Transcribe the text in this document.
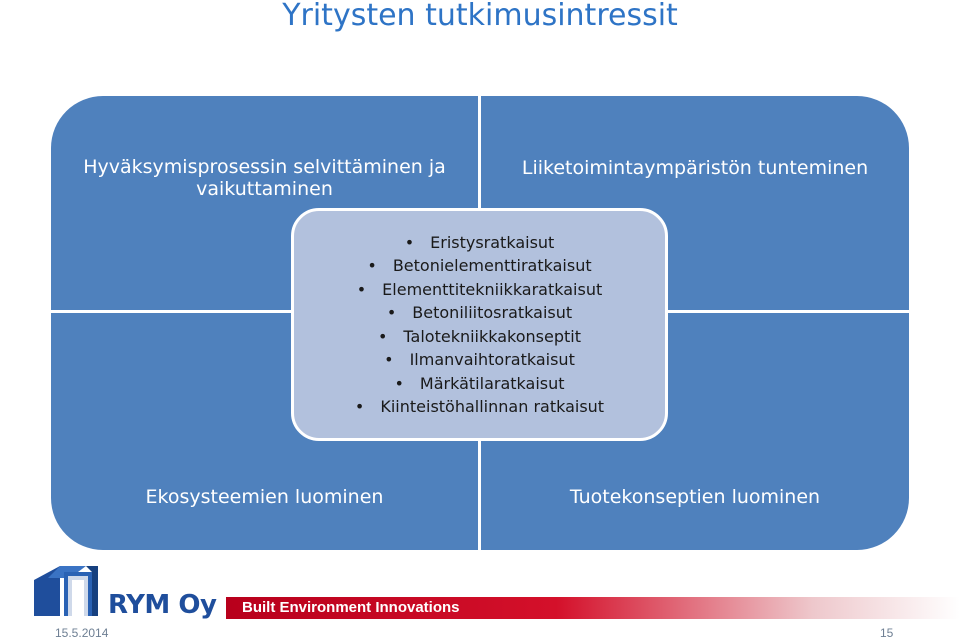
Yritysten tutkimusintressit
Hyväksymisprosessin selvittäminen ja vaikuttaminen
Liiketoimintaympäristön tunteminen
Ekosysteemien luominen	Tuotekonseptien luominen
• Eristysratkaisut
• Betonielementtiratkaisut
• Elementtitekniikkaratkaisut
• Betoniliitosratkaisut
• Talotekniikkakonseptit
• Ilmanvaihtoratkaisut
• Märkätilaratkaisut
• Kiinteistöhallinnan ratkaisut
RYM Oy Built Environment Innovations
15.5.2014	15
